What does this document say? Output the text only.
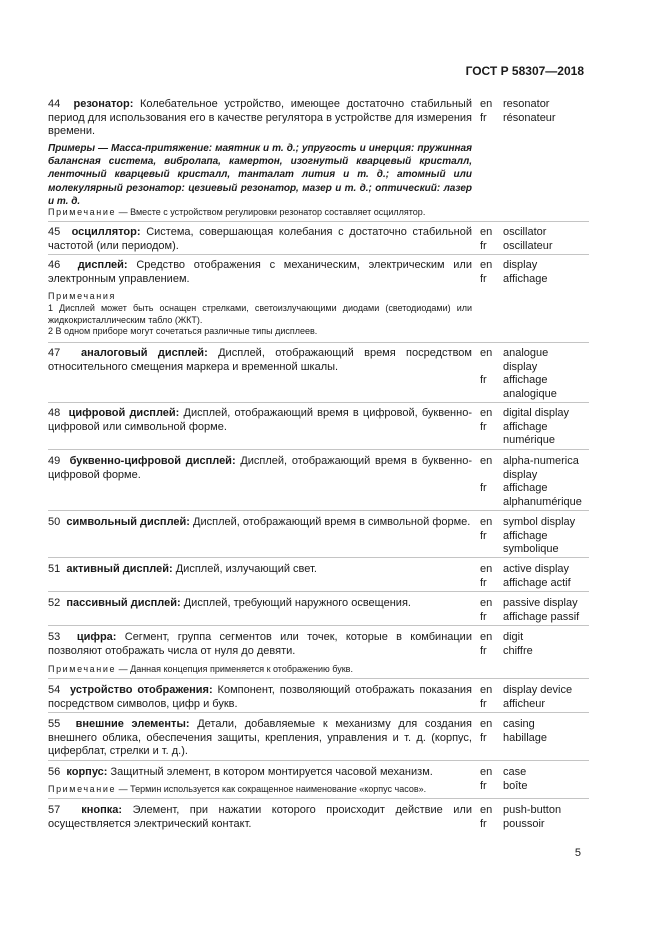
ГОСТ Р 58307—2018
44 резонатор: Колебательное устройство, имеющее достаточно стабильный период для использования его в качестве регулятора в устройстве для измерения времени.
Примеры — Масса-притяжение: маятник и т. д.; упругость и инерция: пружинная балансная система, вибролапа, камертон, изогнутый кварцевый кристалл, ленточный кварцевый кристалл, танталат лития и т. д.; атомный или молекулярный резонатор: цезиевый резонатор, мазер и т. д.; оптический: лазер и т. д.
Примечание — Вместе с устройством регулировки резонатор составляет осциллятор.
en
fr
resonator
résonateur
45 осциллятор: Система, совершающая колебания с достаточно стабильной частотой (или периодом).
en
fr
oscillator
oscillateur
46 дисплей: Средство отображения с механическим, электрическим или электронным управлением.
Примечания
1 Дисплей может быть оснащен стрелками, светоизлучающими диодами (светодиодами) или жидкокристаллическим табло (ЖКТ).
2 В одном приборе могут сочетаться различные типы дисплеев.
en
fr
display
affichage
47 аналоговый дисплей: Дисплей, отображающий время посредством относительного смещения маркера и временной шкалы.
en

fr
analogue
display
affichage
analogique
48 цифровой дисплей: Дисплей, отображающий время в цифровой, буквенно-цифровой или символьной форме.
en
fr
digital display
affichage
numérique
49 буквенно-цифровой дисплей: Дисплей, отображающий время в буквенно-цифровой форме.
en

fr
alpha-numerica
display
affichage
alphanumérique
50 символьный дисплей: Дисплей, отображающий время в символьной форме. en
fr
symbol display
affichage
symbolique
51 активный дисплей: Дисплей, излучающий свет.	en
fr
active display
affichage actif
52 пассивный дисплей: Дисплей, требующий наружного освещения.	en
fr
passive display
affichage passif
53 цифра: Сегмент, группа сегментов или точек, которые в комбинации позволяют отображать числа от нуля до девяти.
Примечание — Данная концепция применяется к отображению букв.
en
fr
digit
chiffre
54 устройство отображения: Компонент, позволяющий отображать показания посредством символов, цифр и букв.
en
fr
display device
afficheur
55 внешние элементы: Детали, добавляемые к механизму для создания внешнего облика, обеспечения защиты, крепления, управления и т. д. (корпус, циферблат, стрелки и т. д.).
en
fr
casing
habillage
56 корпус: Защитный элемент, в котором монтируется часовой механизм.
Примечание — Термин используется как сокращенное наименование «корпус часов».
en
fr
case
boîte
57 кнопка: Элемент, при нажатии которого происходит действие или осуществляется электрический контакт.
en
fr
push-button
poussoir
5
